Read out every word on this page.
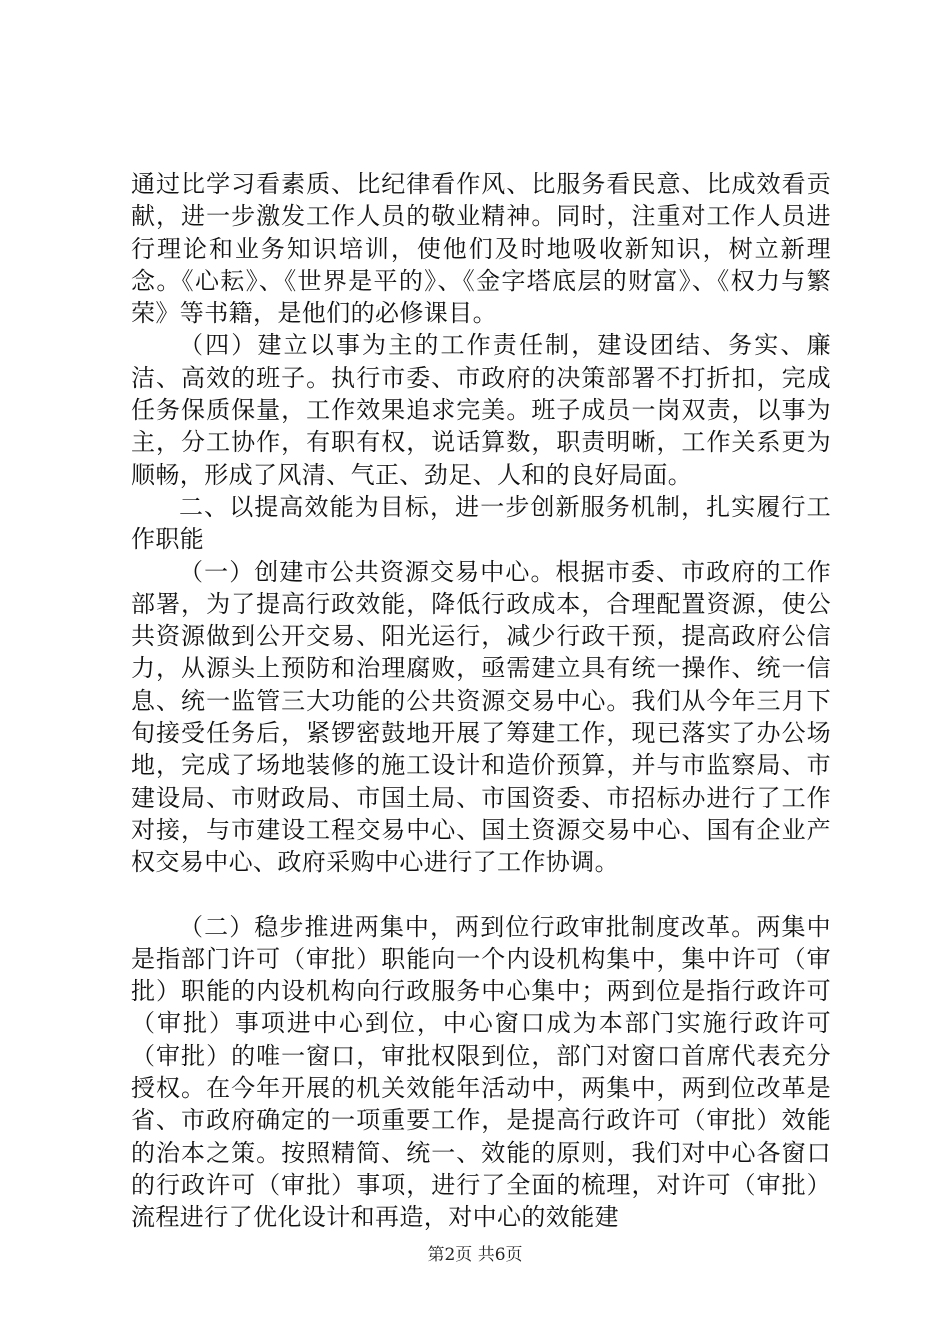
通过比学习看素质、比纪律看作风、比服务看民意、比成效看贡献，进一步激发工作人员的敬业精神。同时，注重对工作人员进行理论和业务知识培训，使他们及时地吸收新知识，树立新理念。《心耘》、《世界是平的》、《金字塔底层的财富》、《权力与繁荣》等书籍，是他们的必修课目。

（四）建立以事为主的工作责任制，建设团结、务实、廉洁、高效的班子。执行市委、市政府的决策部署不打折扣，完成任务保质保量，工作效果追求完美。班子成员一岗双责，以事为主，分工协作，有职有权，说话算数，职责明晰，工作关系更为顺畅，形成了风清、气正、劲足、人和的良好局面。

二、以提高效能为目标，进一步创新服务机制，扎实履行工作职能

（一）创建市公共资源交易中心。根据市委、市政府的工作部署，为了提高行政效能，降低行政成本，合理配置资源，使公共资源做到公开交易、阳光运行，减少行政干预，提高政府公信力，从源头上预防和治理腐败，亟需建立具有统一操作、统一信息、统一监管三大功能的公共资源交易中心。我们从今年三月下旬接受任务后，紧锣密鼓地开展了筹建工作，现已落实了办公场地，完成了场地装修的施工设计和造价预算，并与市监察局、市建设局、市财政局、市国土局、市国资委、市招标办进行了工作对接，与市建设工程交易中心、国土资源交易中心、国有企业产权交易中心、政府采购中心进行了工作协调。

（二）稳步推进两集中，两到位行政审批制度改革。两集中是指部门许可（审批）职能向一个内设机构集中，集中许可（审批）职能的内设机构向行政服务中心集中；两到位是指行政许可（审批）事项进中心到位，中心窗口成为本部门实施行政许可（审批）的唯一窗口，审批权限到位，部门对窗口首席代表充分授权。在今年开展的机关效能年活动中，两集中，两到位改革是省、市政府确定的一项重要工作，是提高行政许可（审批）效能的治本之策。按照精简、统一、效能的原则，我们对中心各窗口的行政许可（审批）事项，进行了全面的梳理，对许可（审批）流程进行了优化设计和再造，对中心的效能建

第2页 共6页
